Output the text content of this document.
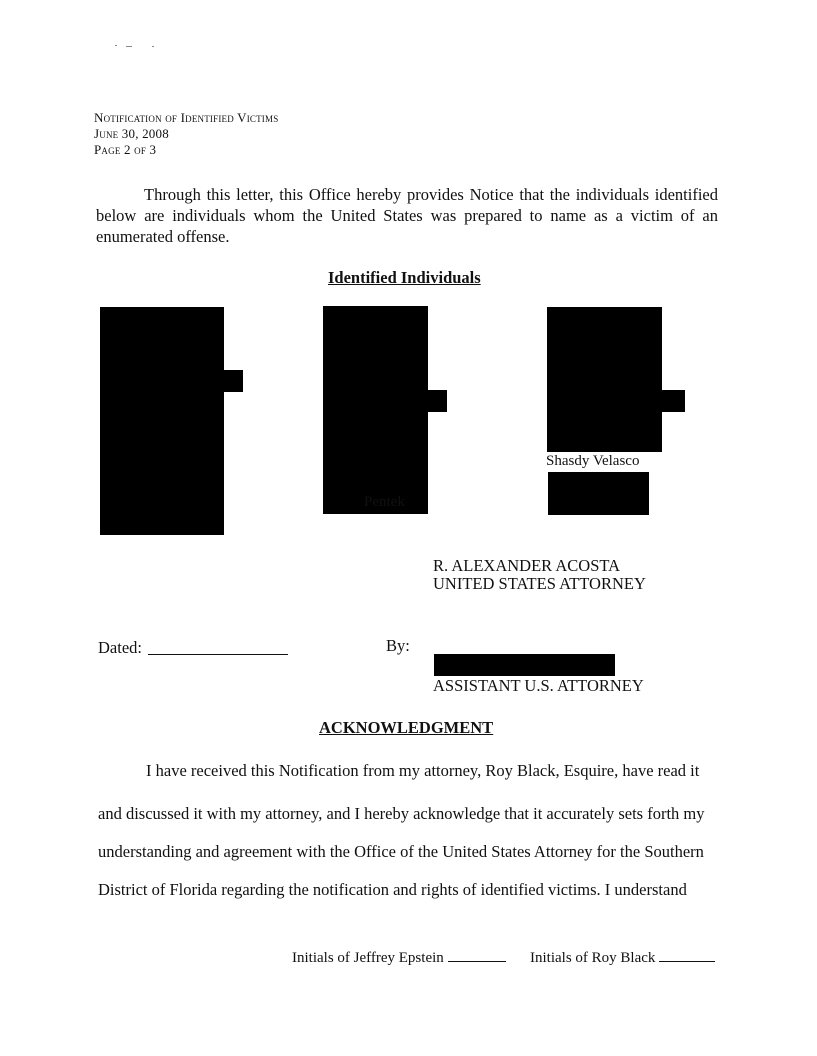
Notification of Identified Victims
June 30, 2008
Page 2 of 3
Through this letter, this Office hereby provides Notice that the individuals identified below are individuals whom the United States was prepared to name as a victim of an enumerated offense.
Identified Individuals
Pentek
Shasdy Velasco
R. ALEXANDER ACOSTA
UNITED STATES ATTORNEY
Dated:	By:
ASSISTANT U.S. ATTORNEY
ACKNOWLEDGMENT
I have received this Notification from my attorney, Roy Black, Esquire, have read it
and discussed it with my attorney, and I hereby acknowledge that it accurately sets forth my
understanding and agreement with the Office of the United States Attorney for the Southern
District of Florida regarding the notification and rights of identified victims. I understand
Initials of Jeffrey Epstein	Initials of Roy Black
